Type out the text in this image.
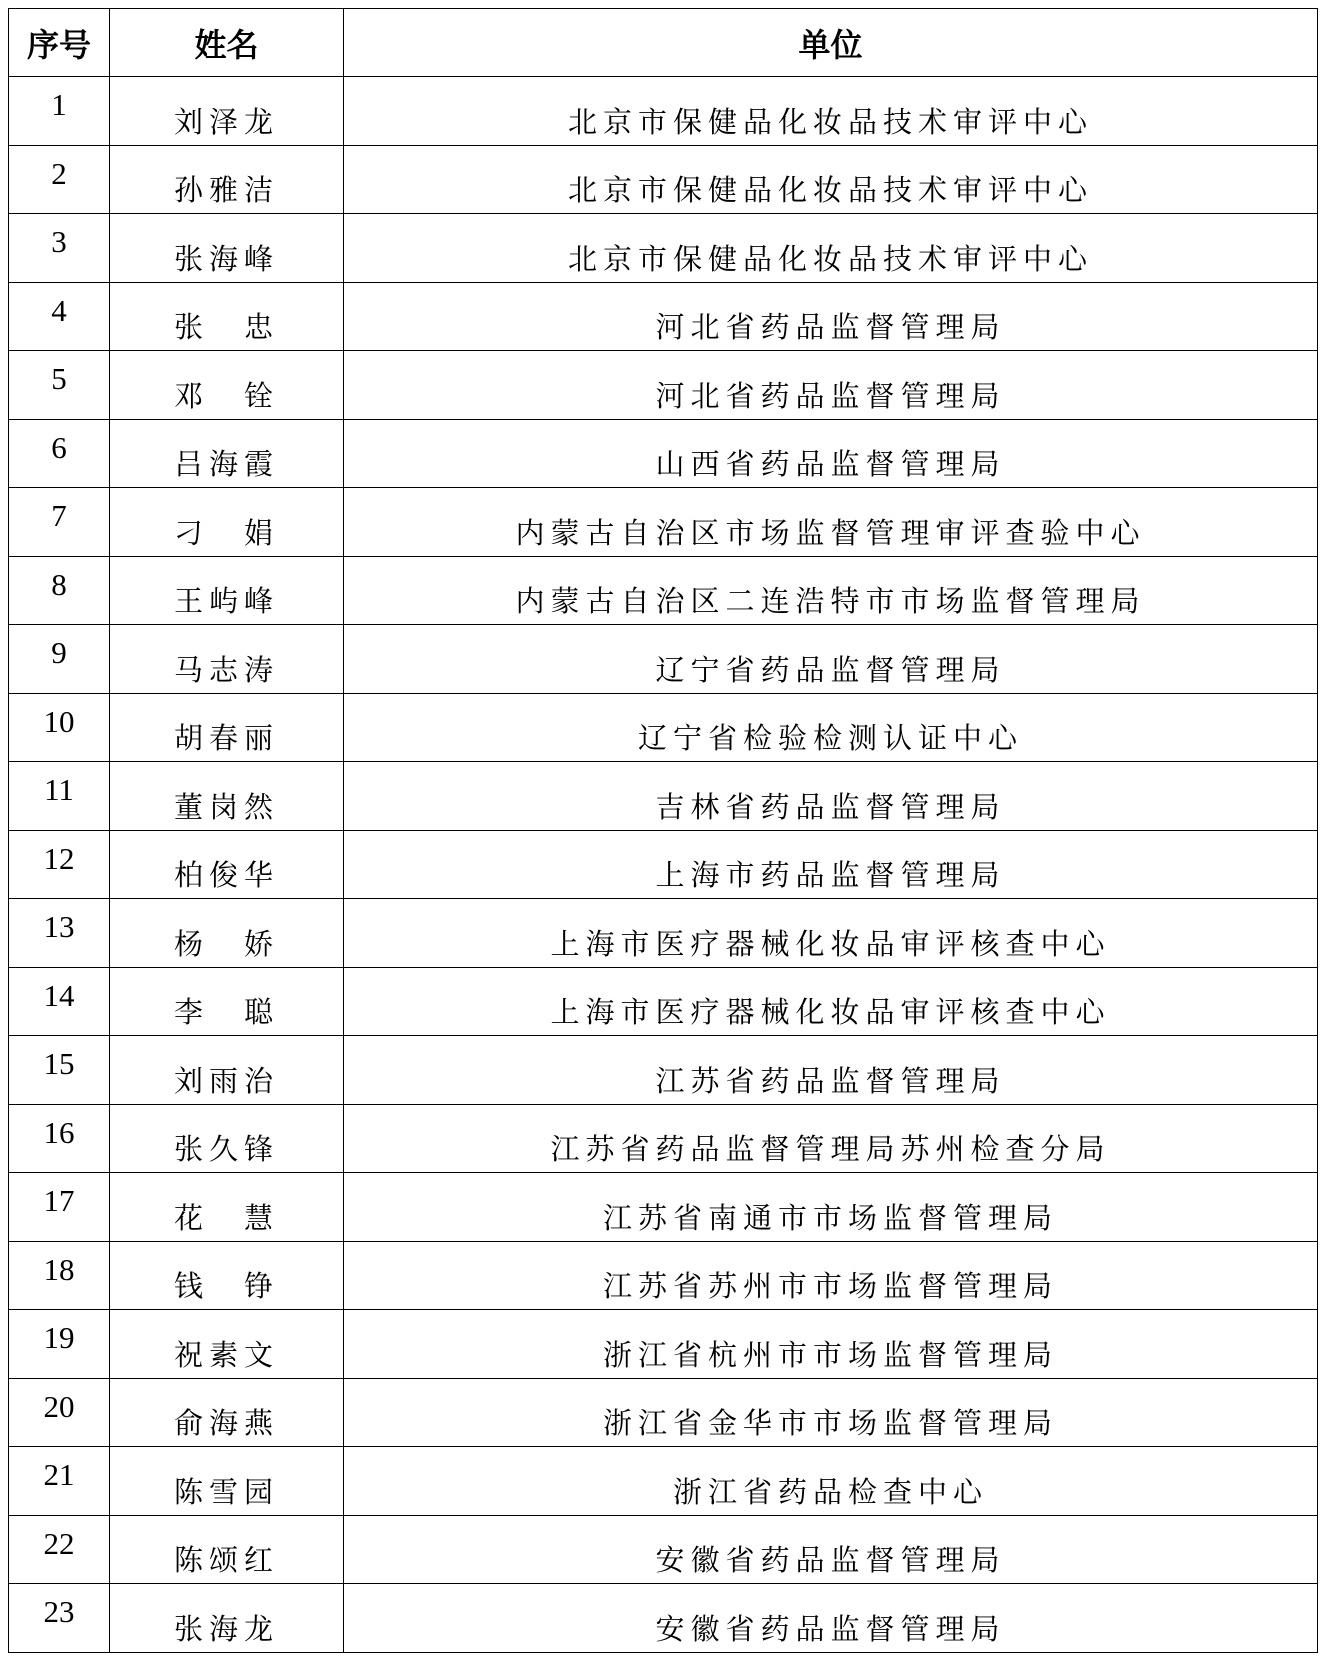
序号	姓名	单位
1	刘泽龙	北京市保健品化妆品技术审评中心
2	孙雅洁	北京市保健品化妆品技术审评中心
3	张海峰	北京市保健品化妆品技术审评中心
4	张　忠	河北省药品监督管理局
5	邓　铨	河北省药品监督管理局
6	吕海霞	山西省药品监督管理局
7	刁　娟	内蒙古自治区市场监督管理审评查验中心
8	王屿峰	内蒙古自治区二连浩特市市场监督管理局
9	马志涛	辽宁省药品监督管理局
10	胡春丽	辽宁省检验检测认证中心
11	董岗然	吉林省药品监督管理局
12	柏俊华	上海市药品监督管理局
13	杨　娇	上海市医疗器械化妆品审评核查中心
14	李　聪	上海市医疗器械化妆品审评核查中心
15	刘雨治	江苏省药品监督管理局
16	张久锋	江苏省药品监督管理局苏州检查分局
17	花　慧	江苏省南通市市场监督管理局
18	钱　铮	江苏省苏州市市场监督管理局
19	祝素文	浙江省杭州市市场监督管理局
20	俞海燕	浙江省金华市市场监督管理局
21	陈雪园	浙江省药品检查中心
22	陈颂红	安徽省药品监督管理局
23	张海龙	安徽省药品监督管理局
